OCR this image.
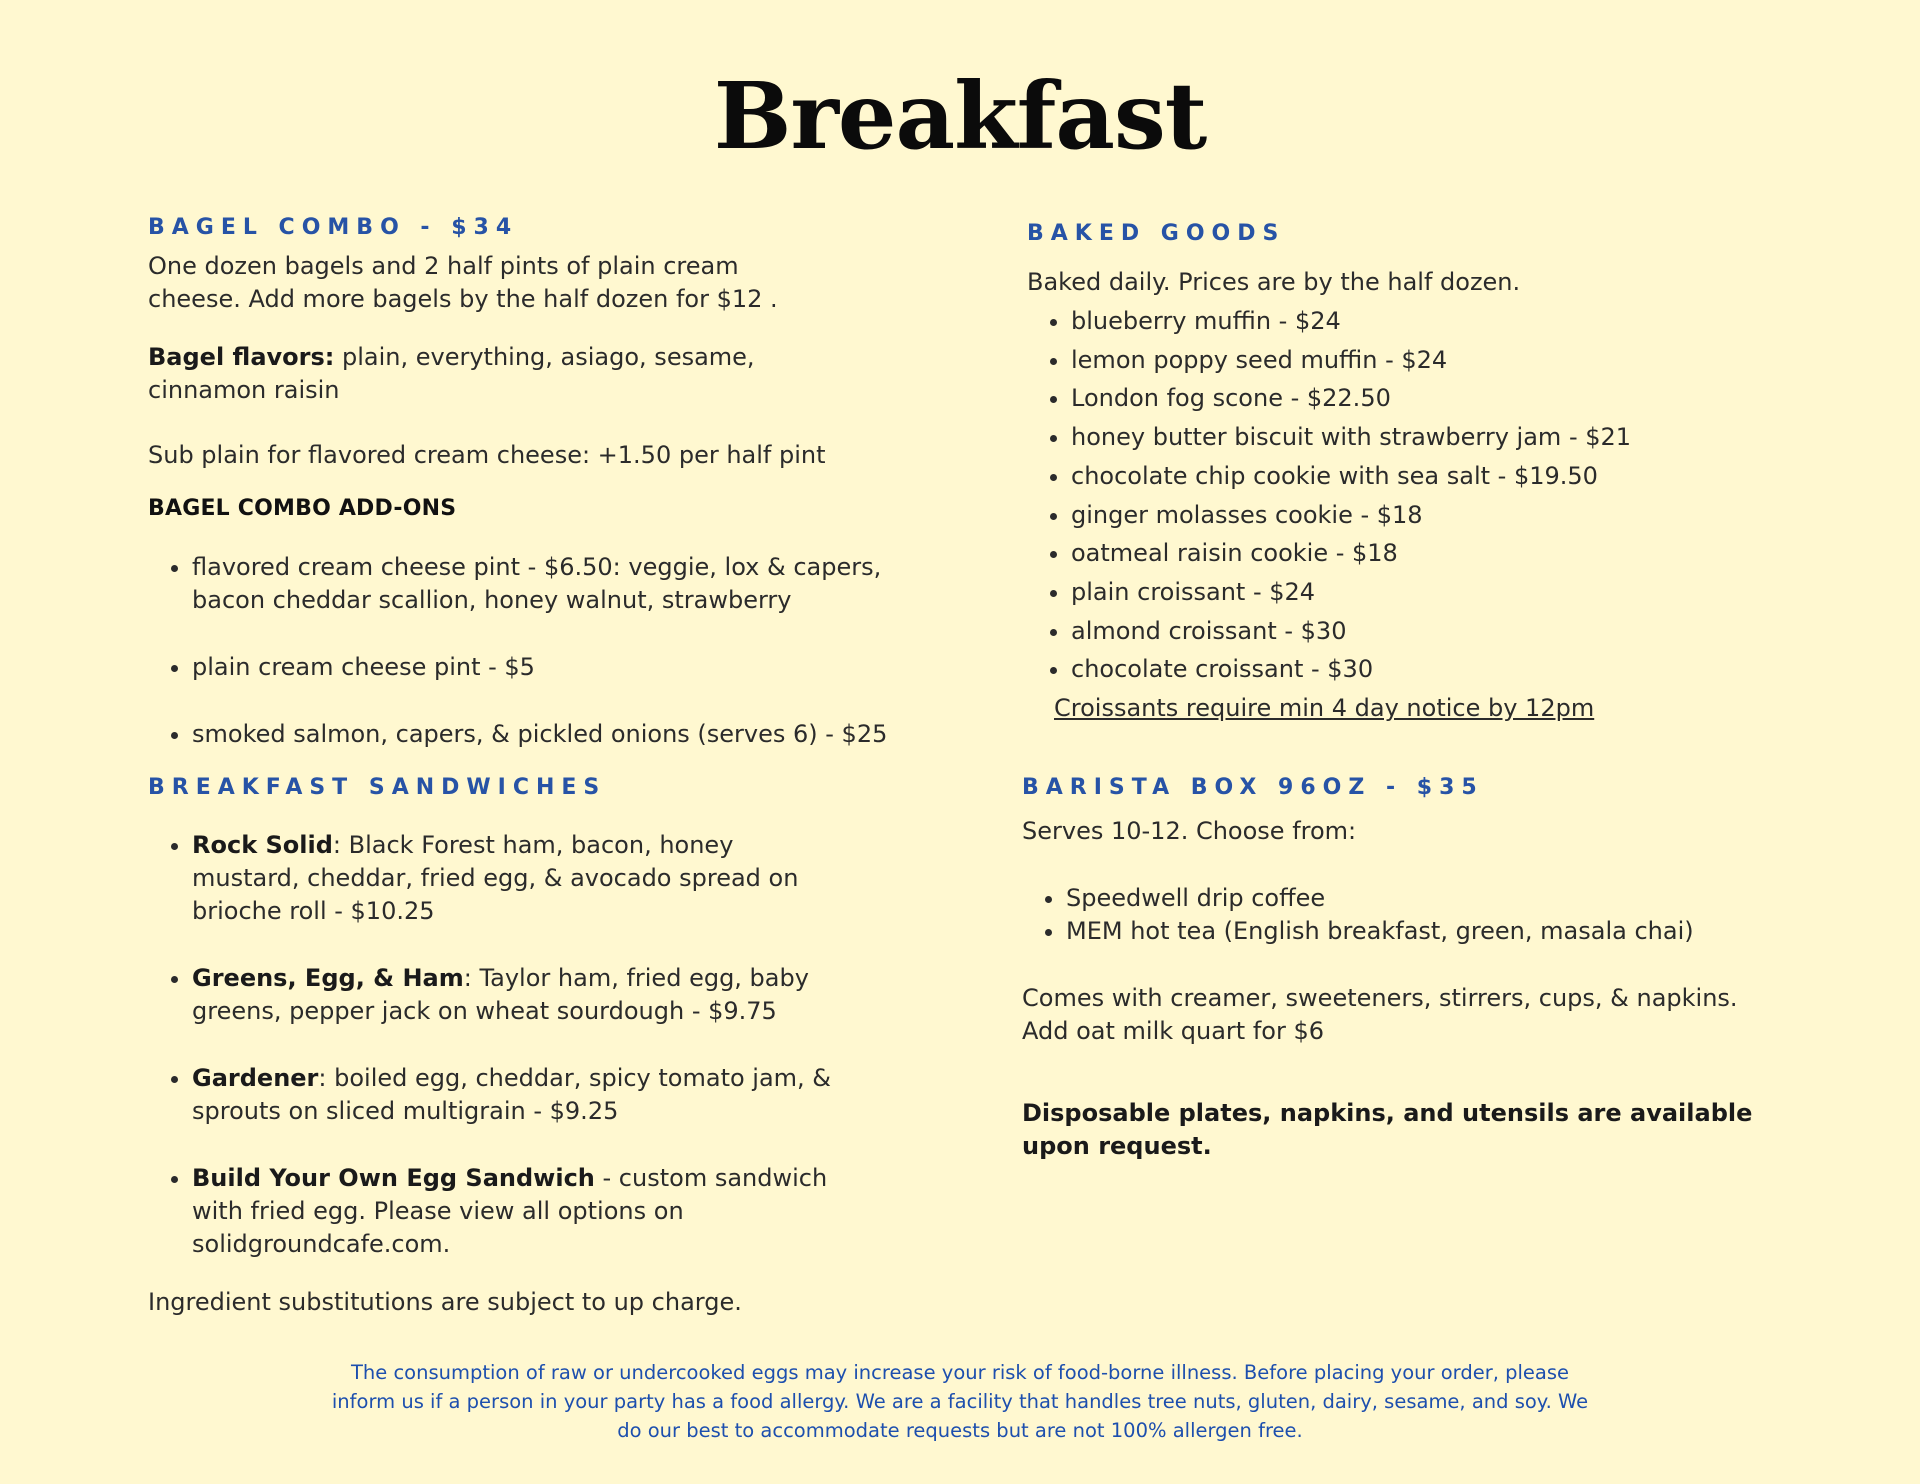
Breakfast
BAGEL COMBO - $34

One dozen bagels and 2 half pints of plain cream cheese. Add more bagels by the half dozen for $12 .

Bagel flavors: plain, everything, asiago, sesame, cinnamon raisin

Sub plain for flavored cream cheese: +1.50 per half pint

BAGEL COMBO ADD-ONS

• flavored cream cheese pint - $6.50: veggie, lox & capers, bacon cheddar scallion, honey walnut, strawberry
• plain cream cheese pint - $5
• smoked salmon, capers, & pickled onions (serves 6) - $25
BREAKFAST SANDWICHES
• Rock Solid: Black Forest ham, bacon, honey mustard, cheddar, fried egg, & avocado spread on brioche roll - $10.25
• Greens, Egg, & Ham: Taylor ham, fried egg, baby greens, pepper jack on wheat sourdough - $9.75
• Gardener: boiled egg, cheddar, spicy tomato jam, & sprouts on sliced multigrain - $9.25
• Build Your Own Egg Sandwich - custom sandwich with fried egg. Please view all options on solidgroundcafe.com.

Ingredient substitutions are subject to up charge.

BAKED GOODS

Baked daily. Prices are by the half dozen.

• blueberry muffin - $24
• lemon poppy seed muffin - $24
• London fog scone - $22.50
• honey butter biscuit with strawberry jam - $21
• chocolate chip cookie with sea salt - $19.50
• ginger molasses cookie - $18
• oatmeal raisin cookie - $18
• plain croissant - $24
• almond croissant - $30
• chocolate croissant - $30

Croissants require min 4 day notice by 12pm

BARISTA BOX 96OZ - $35

Serves 10-12. Choose from:

• Speedwell drip coffee
• MEM hot tea (English breakfast, green, masala chai)

Comes with creamer, sweeteners, stirrers, cups, & napkins.

Add oat milk quart for $6

Disposable plates, napkins, and utensils are available upon request.

The consumption of raw or undercooked eggs may increase your risk of food-borne illness. Before placing your order, please inform us if a person in your party has a food allergy. We are a facility that handles tree nuts, gluten, dairy, sesame, and soy. We do our best to accommodate requests but are not 100% allergen free.
